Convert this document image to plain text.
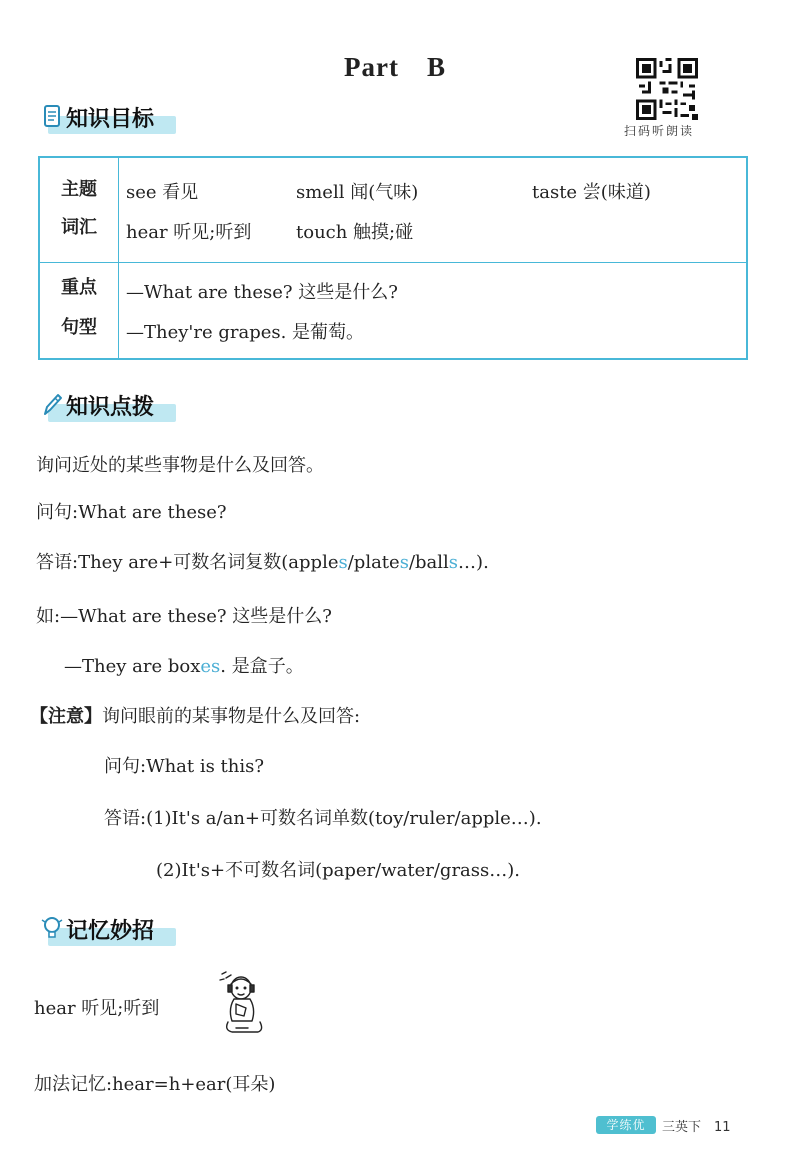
Part B
扫码听朗读
知识目标
主题
词汇
see 看见	smell 闻(气味)	taste 尝(味道)
hear 听见;听到 touch 触摸;碰
重点
句型
—What are these? 这些是什么?
—They're grapes. 是葡萄。
知识点拨
询问近处的某些事物是什么及回答。
问句:What are these?
答语:They are+可数名词复数(apples/plates/balls…).
如:—What are these? 这些是什么?
—They are boxes. 是盒子。
【注意】询问眼前的某事物是什么及回答:
问句:What is this?
答语:(1)It's a/an+可数名词单数(toy/ruler/apple…).
(2)It's+不可数名词(paper/water/grass…).
记忆妙招
hear 听见;听到
加法记忆:hear=h+ear(耳朵)
学练优	三英下 11
